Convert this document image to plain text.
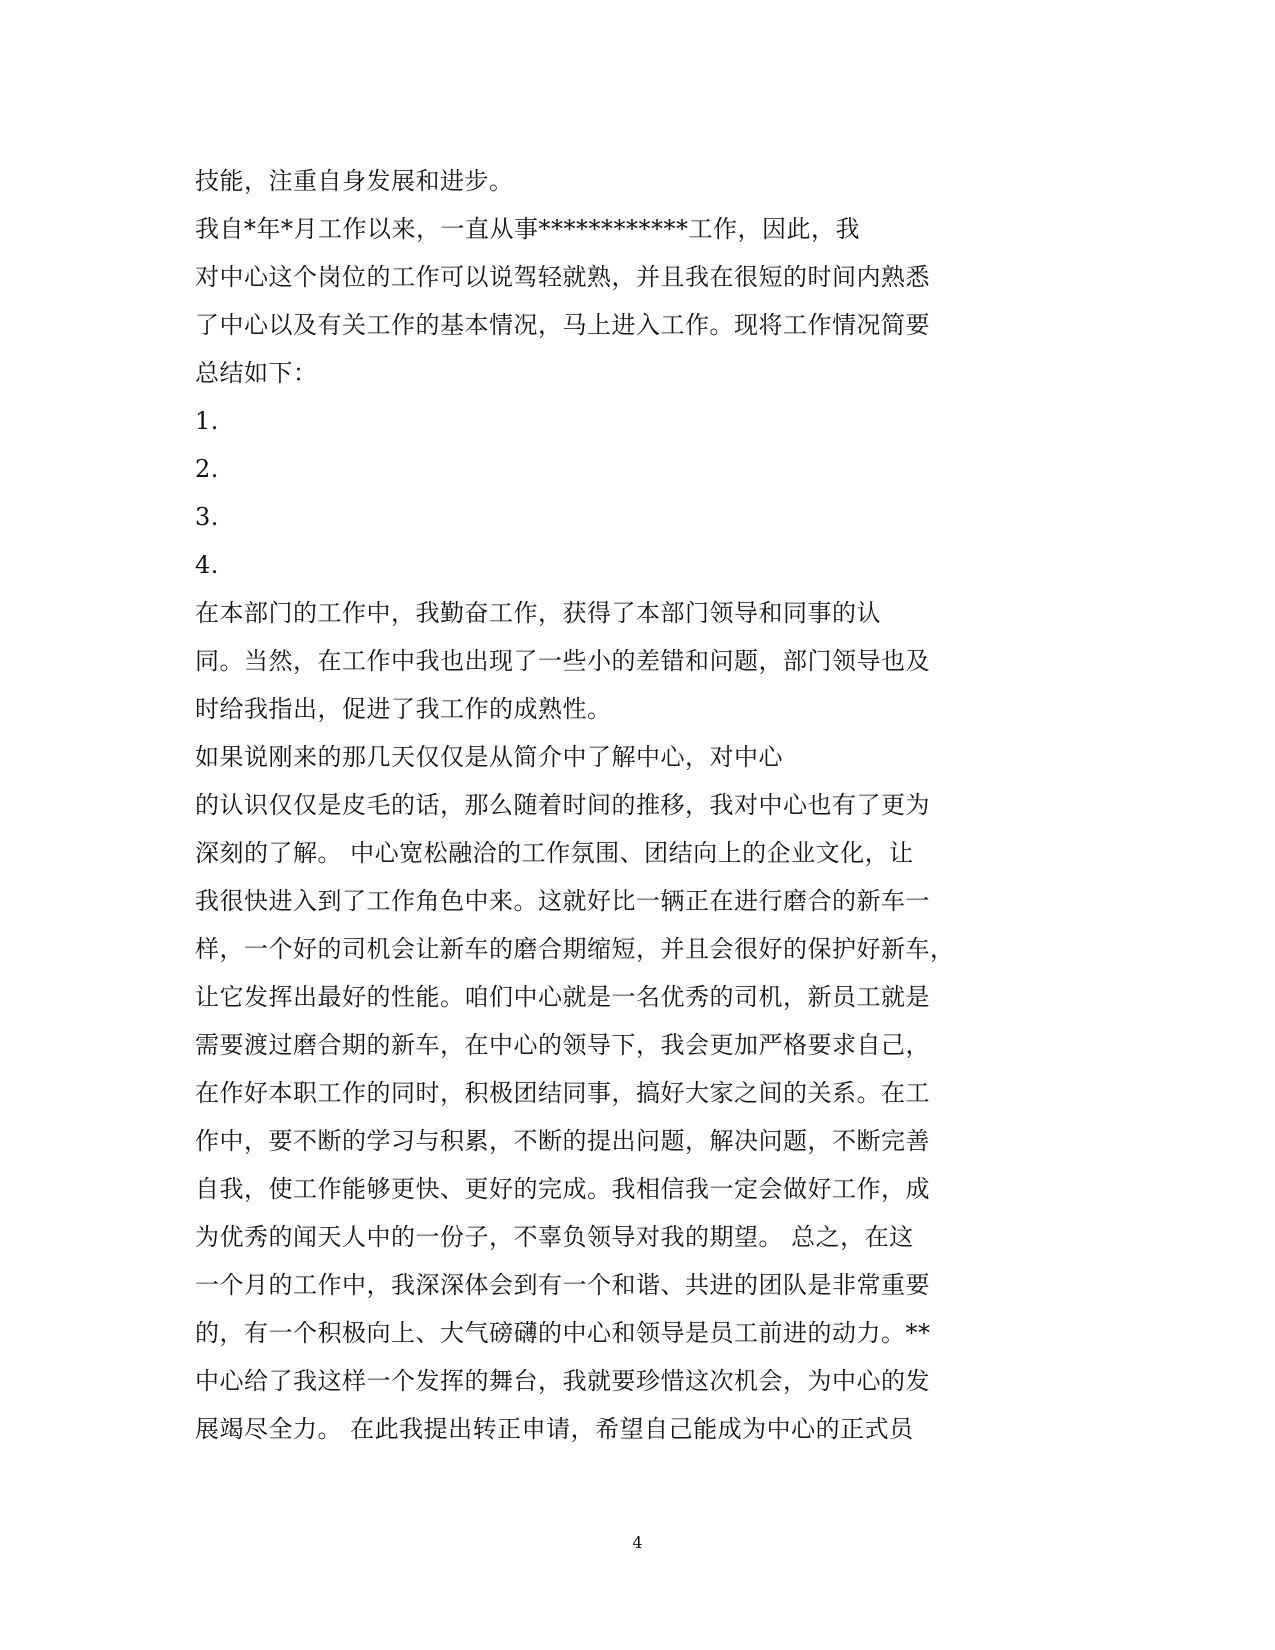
技能，注重自身发展和进步。
我自*年*月工作以来，一直从事************工作，因此，我
对中心这个岗位的工作可以说驾轻就熟，并且我在很短的时间内熟悉
了中心以及有关工作的基本情况，马上进入工作。现将工作情况简要
总结如下：
1.
2.
3.
4.
在本部门的工作中，我勤奋工作，获得了本部门领导和同事的认
同。当然，在工作中我也出现了一些小的差错和问题，部门领导也及
时给我指出，促进了我工作的成熟性。
如果说刚来的那几天仅仅是从简介中了解中心，对中心
的认识仅仅是皮毛的话，那么随着时间的推移，我对中心也有了更为
深刻的了解。 中心宽松融洽的工作氛围、团结向上的企业文化，让
我很快进入到了工作角色中来。这就好比一辆正在进行磨合的新车一
样，一个好的司机会让新车的磨合期缩短，并且会很好的保护好新车，
让它发挥出最好的性能。咱们中心就是一名优秀的司机，新员工就是
需要渡过磨合期的新车，在中心的领导下，我会更加严格要求自己，
在作好本职工作的同时，积极团结同事，搞好大家之间的关系。在工
作中，要不断的学习与积累，不断的提出问题，解决问题，不断完善
自我，使工作能够更快、更好的完成。我相信我一定会做好工作，成
为优秀的闻天人中的一份子，不辜负领导对我的期望。 总之，在这
一个月的工作中，我深深体会到有一个和谐、共进的团队是非常重要
的，有一个积极向上、大气磅礴的中心和领导是员工前进的动力。**
中心给了我这样一个发挥的舞台，我就要珍惜这次机会，为中心的发
展竭尽全力。 在此我提出转正申请，希望自己能成为中心的正式员
4
